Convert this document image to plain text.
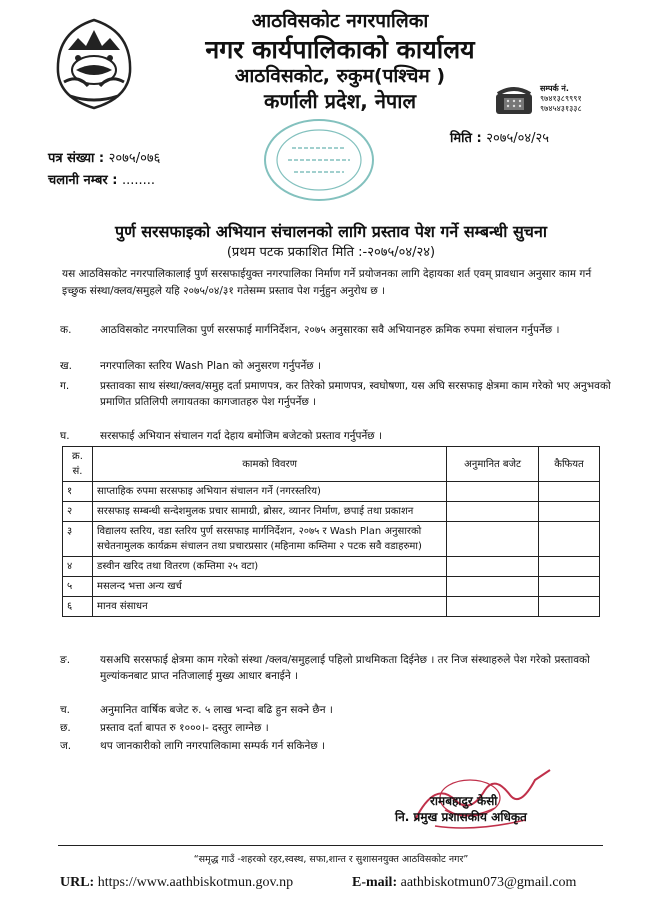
आठविसकोट नगरपालिका
नगर कार्यपालिकाको कार्यालय
आठविसकोट, रुकुम(पश्चिम )
कर्णाली प्रदेश, नेपाल
सम्पर्क नं.
९७४१३८९९९१
९७४५४३१३३८
मिति : २०७५/०४/२५
पत्र संख्या : २०७५/०७६
चलानी नम्बर : ........
पुर्ण सरसफाइको अभियान संचालनको लागि प्रस्ताव पेश गर्ने सम्बन्धी सुचना
(प्रथम पटक प्रकाशित मिति :-२०७५/०४/२४)
यस आठविसकोट नगरपालिकालाई पुर्ण सरसफाईयुक्त नगरपालिका निर्माण गर्ने प्रयोजनका लागि देहायका शर्त एवम् प्रावधान अनुसार काम गर्न इच्छुक संस्था/क्लव/समुहले यहि २०७५/०४/३१ गतेसम्म प्रस्ताव पेश गर्नुहुन अनुरोध छ ।
क.	आठविसकोट नगरपालिका पुर्ण सरसफाई मार्गनिर्देशन, २०७५ अनुसारका सवै अभियानहरु क्रमिक रुपमा संचालन गर्नुपर्नेछ ।
ख.	नगरपालिका स्तरिय Wash Plan को अनुसरण गर्नुपर्नेछ ।
ग.	प्रस्तावका साथ संस्था/क्लव/समुह दर्ता प्रमाणपत्र, कर तिरेको प्रमाणपत्र, स्वघोषणा, यस अघि सरसफाइ क्षेत्रमा काम गरेको भए अनुभवको प्रमाणित प्रतिलिपी लगायतका कागजातहरु पेश गर्नुपर्नेछ ।
घ.	सरसफाई अभियान संचालन गर्दा देहाय बमोजिम बजेटको प्रस्ताव गर्नुपर्नेछ ।
क्र. सं.	कामको विवरण	अनुमानित बजेट	कैफियत
१	साप्ताहिक रुपमा सरसफाइ अभियान संचालन गर्ने (नगरस्तरिय)		
२	सरसफाइ सम्बन्धी सन्देशमुलक प्रचार सामाग्री, ब्रोसर, व्यानर निर्माण, छपाई तथा प्रकाशन		
३	विद्यालय स्तरिय, वडा स्तरिय पुर्ण सरसफाइ मार्गनिर्देशन, २०७५ र Wash Plan अनुसारको सचेतनामुलक कार्यक्रम संचालन तथा प्रचारप्रसार (महिनामा कम्तिमा २ पटक सवै वडाहरुमा)		
४	डस्वीन खरिद तथा वितरण (कम्तिमा २५ वटा)		
५	मसलन्द भत्ता अन्य खर्च		
६	मानव संसाधन		
ङ.	यसअघि सरसफाई क्षेत्रमा काम गरेको संस्था /क्लव/समुहलाई पहिलो प्राथमिकता दिईनेछ । तर निज संस्थाहरुले पेश गरेको प्रस्तावको मुल्यांकनबाट प्राप्त नतिजालाई मुख्य आधार बनाईने ।
च.	अनुमानित वार्षिक बजेट रु. ५ लाख भन्दा बढि हुन सक्ने छैन ।
छ.	प्रस्ताव दर्ता बापत रु १०००।- दस्तुर लाग्नेछ ।
ज.	थप जानकारीको लागि नगरपालिकामा सम्पर्क गर्न सकिनेछ ।
रामबहादुर केसी
नि. प्रमुख प्रशासकीय अधिकृत
“समृद्ध गाउँ -शहरको रहर,स्वस्थ, सफा,शान्त र सुशासनयुक्त आठविसकोट नगर”
URL: https://www.aathbiskotmun.gov.np	E-mail: aathbiskotmun073@gmail.com
